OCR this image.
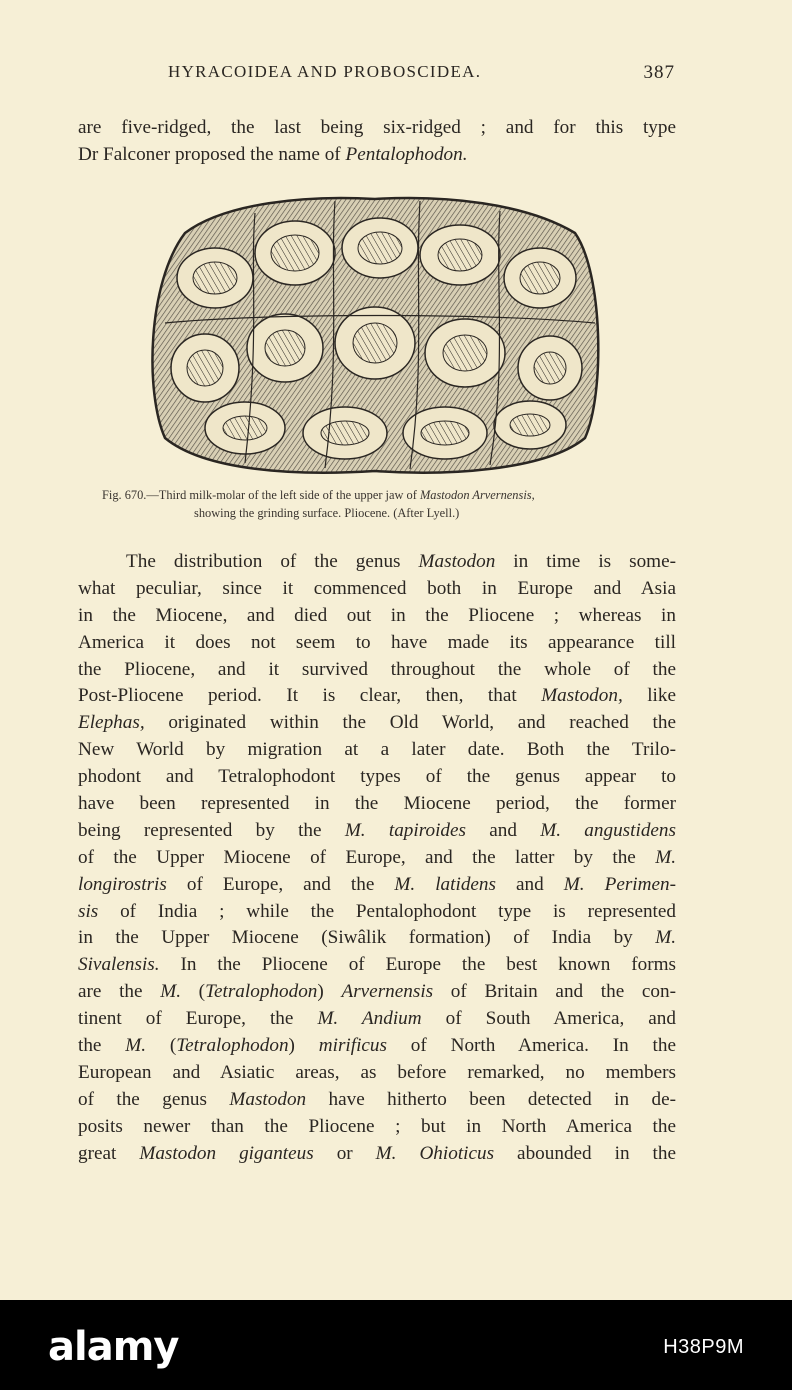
HYRACOIDEA AND PROBOSCIDEA.	387
are five-ridged, the last being six-ridged ; and for this type
Dr Falconer proposed the name of Pentalophodon.
Fig. 670.—Third milk-molar of the left side of the upper jaw of Mastodon Arvernensis,
showing the grinding surface. Pliocene. (After Lyell.)
The distribution of the genus Mastodon in time is some-
what peculiar, since it commenced both in Europe and Asia
in the Miocene, and died out in the Pliocene ; whereas in
America it does not seem to have made its appearance till
the Pliocene, and it survived throughout the whole of the
Post-Pliocene period. It is clear, then, that Mastodon, like
Elephas, originated within the Old World, and reached the
New World by migration at a later date. Both the Trilo-
phodont and Tetralophodont types of the genus appear to
have been represented in the Miocene period, the former
being represented by the M. tapiroides and M. angustidens
of the Upper Miocene of Europe, and the latter by the M.
longirostris of Europe, and the M. latidens and M. Perimen-
sis of India ; while the Pentalophodont type is represented
in the Upper Miocene (Siwâlik formation) of India by M.
Sivalensis. In the Pliocene of Europe the best known forms
are the M. (Tetralophodon) Arvernensis of Britain and the con-
tinent of Europe, the M. Andium of South America, and
the M. (Tetralophodon) mirificus of North America. In the
European and Asiatic areas, as before remarked, no members
of the genus Mastodon have hitherto been detected in de-
posits newer than the Pliocene ; but in North America the
great Mastodon giganteus or M. Ohioticus abounded in the
alamy	H38P9M
